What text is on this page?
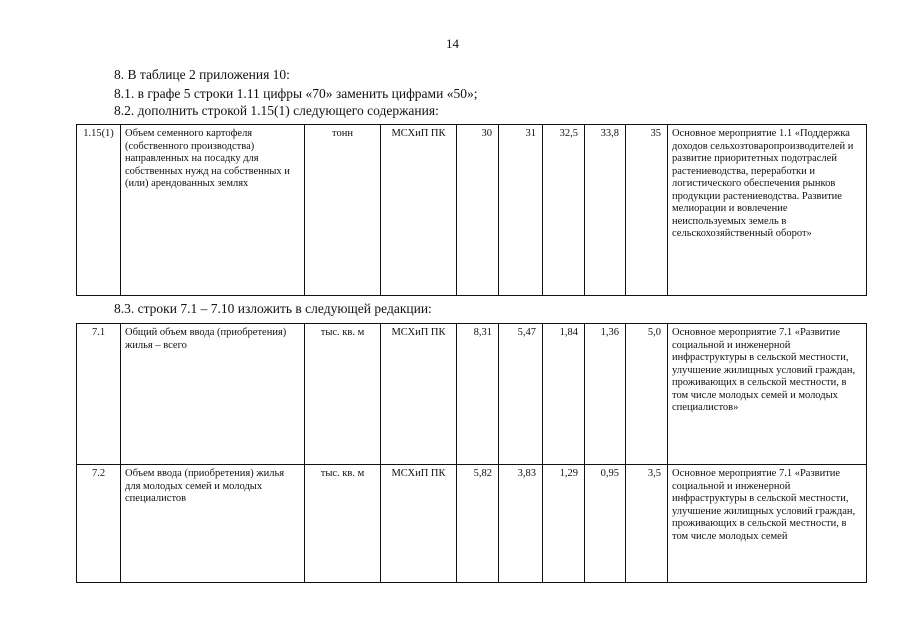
14
8. В таблице 2 приложения 10:
8.1. в графе 5 строки 1.11 цифры «70» заменить цифрами «50»;
8.2. дополнить строкой 1.15(1) следующего содержания:
1.15(1)	Объем семенного картофеля (собственного производства) направленных на посадку для собственных нужд на собственных и (или) арендованных землях	тонн	МСХиП ПК	30	31	32,5	33,8	35	Основное мероприятие 1.1 «Поддержка доходов сельхозтоваропроизводителей и развитие приоритетных подотраслей растениеводства, переработки и логистического обеспечения рынков продукции растениеводства. Развитие мелиорации и вовлечение неиспользуемых земель в сельскохозяйственный оборот»
8.3. строки 7.1 – 7.10 изложить в следующей редакции:
7.1	Общий объем ввода (приобретения) жилья – всего	тыс. кв. м	МСХиП ПК	8,31	5,47	1,84	1,36	5,0	Основное мероприятие 7.1 «Развитие социальной и инженерной инфраструктуры в сельской местности, улучшение жилищных условий граждан, проживающих в сельской местности, в том числе молодых семей и молодых специалистов»
7.2	Объем ввода (приобретения) жилья для молодых семей и молодых специалистов	тыс. кв. м	МСХиП ПК	5,82	3,83	1,29	0,95	3,5	Основное мероприятие 7.1 «Развитие социальной и инженерной инфраструктуры в сельской местности, улучшение жилищных условий граждан, проживающих в сельской местности, в том числе молодых семей
